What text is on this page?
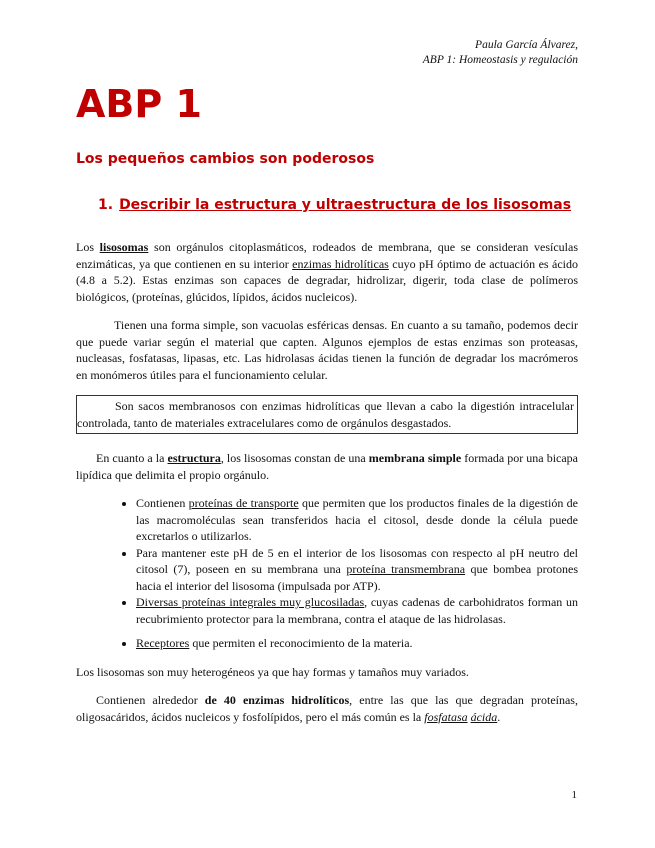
Paula García Álvarez,
ABP 1: Homeostasis y regulación
ABP 1
Los pequeños cambios son poderosos
1. Describir la estructura y ultraestructura de los lisosomas

Los lisosomas son orgánulos citoplasmáticos, rodeados de membrana, que se consideran vesículas enzimáticas, ya que contienen en su interior enzimas hidrolíticas cuyo pH óptimo de actuación es ácido (4.8 a 5.2). Estas enzimas son capaces de degradar, hidrolizar, digerir, toda clase de polímeros biológicos, (proteínas, glúcidos, lípidos, ácidos nucleicos).

Tienen una forma simple, son vacuolas esféricas densas. En cuanto a su tamaño, podemos decir que puede variar según el material que capten. Algunos ejemplos de estas enzimas son proteasas, nucleasas, fosfatasas, lipasas, etc. Las hidrolasas ácidas tienen la función de degradar los macrómeros en monómeros útiles para el funcionamiento celular.

Son sacos membranosos con enzimas hidrolíticas que llevan a cabo la digestión intracelular controlada, tanto de materiales extracelulares como de orgánulos desgastados.

En cuanto a la estructura, los lisosomas constan de una membrana simple formada por una bicapa lipídica que delimita el propio orgánulo.

• Contienen proteínas de transporte que permiten que los productos finales de la digestión de las macromoléculas sean transferidos hacia el citosol, desde donde la célula puede excretarlos o utilizarlos.
• Para mantener este pH de 5 en el interior de los lisosomas con respecto al pH neutro del citosol (7), poseen en su membrana una proteína transmembrana que bombea protones hacia el interior del lisosoma (impulsada por ATP).
• Diversas proteínas integrales muy glucosiladas, cuyas cadenas de carbohidratos forman un recubrimiento protector para la membrana, contra el ataque de las hidrolasas.
• Receptores que permiten el reconocimiento de la materia.

Los lisosomas son muy heterogéneos ya que hay formas y tamaños muy variados.

Contienen alrededor de 40 enzimas hidrolíticos, entre las que las que degradan proteínas, oligosacáridos, ácidos nucleicos y fosfolípidos, pero el más común es la fosfatasa ácida.

1
